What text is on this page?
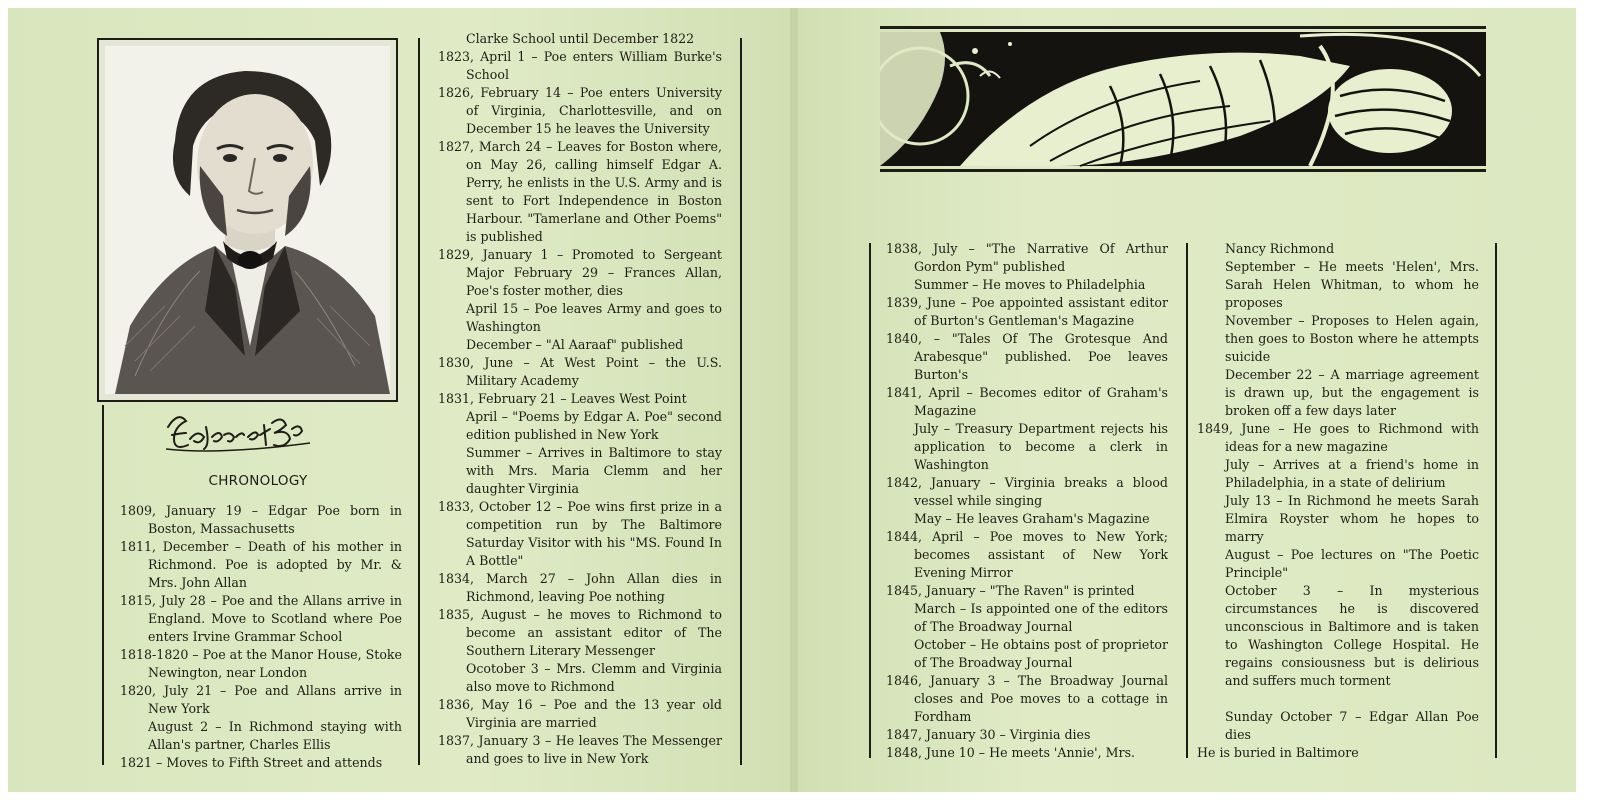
CHRONOLOGY

1809, January 19 – Edgar Poe born in Boston, Massachusetts

1811, December – Death of his mother in Richmond. Poe is adopted by Mr. & Mrs. John Allan

1815, July 28 – Poe and the Allans arrive in England. Move to Scotland where Poe enters Irvine Grammar School

1818-1820 – Poe at the Manor House, Stoke Newington, near London

1820, July 21 – Poe and Allans arrive in New York

August 2 – In Richmond staying with Allan's partner, Charles Ellis

1821 – Moves to Fifth Street and attends

Clarke School until December 1822

1823, April 1 – Poe enters William Burke's School

1826, February 14 – Poe enters University of Virginia, Charlottesville, and on December 15 he leaves the University

1827, March 24 – Leaves for Boston where, on May 26, calling himself Edgar A. Perry, he enlists in the U.S. Army and is sent to Fort Independence in Boston Harbour. "Tamerlane and Other Poems" is published

1829, January 1 – Promoted to Sergeant Major February 29 – Frances Allan, Poe's foster mother, dies

April 15 – Poe leaves Army and goes to Washington

December – "Al Aaraaf" published

1830, June – At West Point – the U.S. Military Academy

1831, February 21 – Leaves West Point

April – "Poems by Edgar A. Poe" second edition published in New York

Summer – Arrives in Baltimore to stay with Mrs. Maria Clemm and her daughter Virginia

1833, October 12 – Poe wins first prize in a competition run by The Baltimore Saturday Visitor with his "MS. Found In A Bottle"

1834, March 27 – John Allan dies in Richmond, leaving Poe nothing

1835, August – he moves to Richmond to become an assistant editor of The Southern Literary Messenger

Ocotober 3 – Mrs. Clemm and Virginia also move to Richmond

1836, May 16 – Poe and the 13 year old Virginia are married

1837, January 3 – He leaves The Messenger and goes to live in New York

1838, July – "The Narrative Of Arthur Gordon Pym" published

Summer – He moves to Philadelphia

1839, June – Poe appointed assistant editor of Burton's Gentleman's Magazine

1840, – "Tales Of The Grotesque And Arabesque" published. Poe leaves Burton's

1841, April – Becomes editor of Graham's Magazine

July – Treasury Department rejects his application to become a clerk in Washington

1842, January – Virginia breaks a blood vessel while singing

May – He leaves Graham's Magazine

1844, April – Poe moves to New York; becomes assistant of New York Evening Mirror

1845, January – "The Raven" is printed

March – Is appointed one of the editors of The Broadway Journal

October – He obtains post of proprietor of The Broadway Journal

1846, January 3 – The Broadway Journal closes and Poe moves to a cottage in Fordham

1847, January 30 – Virginia dies

1848, June 10 – He meets 'Annie', Mrs.

Nancy Richmond

September – He meets 'Helen', Mrs. Sarah Helen Whitman, to whom he proposes

November – Proposes to Helen again, then goes to Boston where he attempts suicide

December 22 – A marriage agreement is drawn up, but the engagement is broken off a few days later

1849, June – He goes to Richmond with ideas for a new magazine

July – Arrives at a friend's home in Philadelphia, in a state of delirium

July 13 – In Richmond he meets Sarah Elmira Royster whom he hopes to marry

August – Poe lectures on "The Poetic Principle"

October 3 – In mysterious circumstances he is discovered unconscious in Baltimore and is taken to Washington College Hospital. He regains consiousness but is delirious and suffers much torment

Sunday October 7 – Edgar Allan Poe dies

He is buried in Baltimore
